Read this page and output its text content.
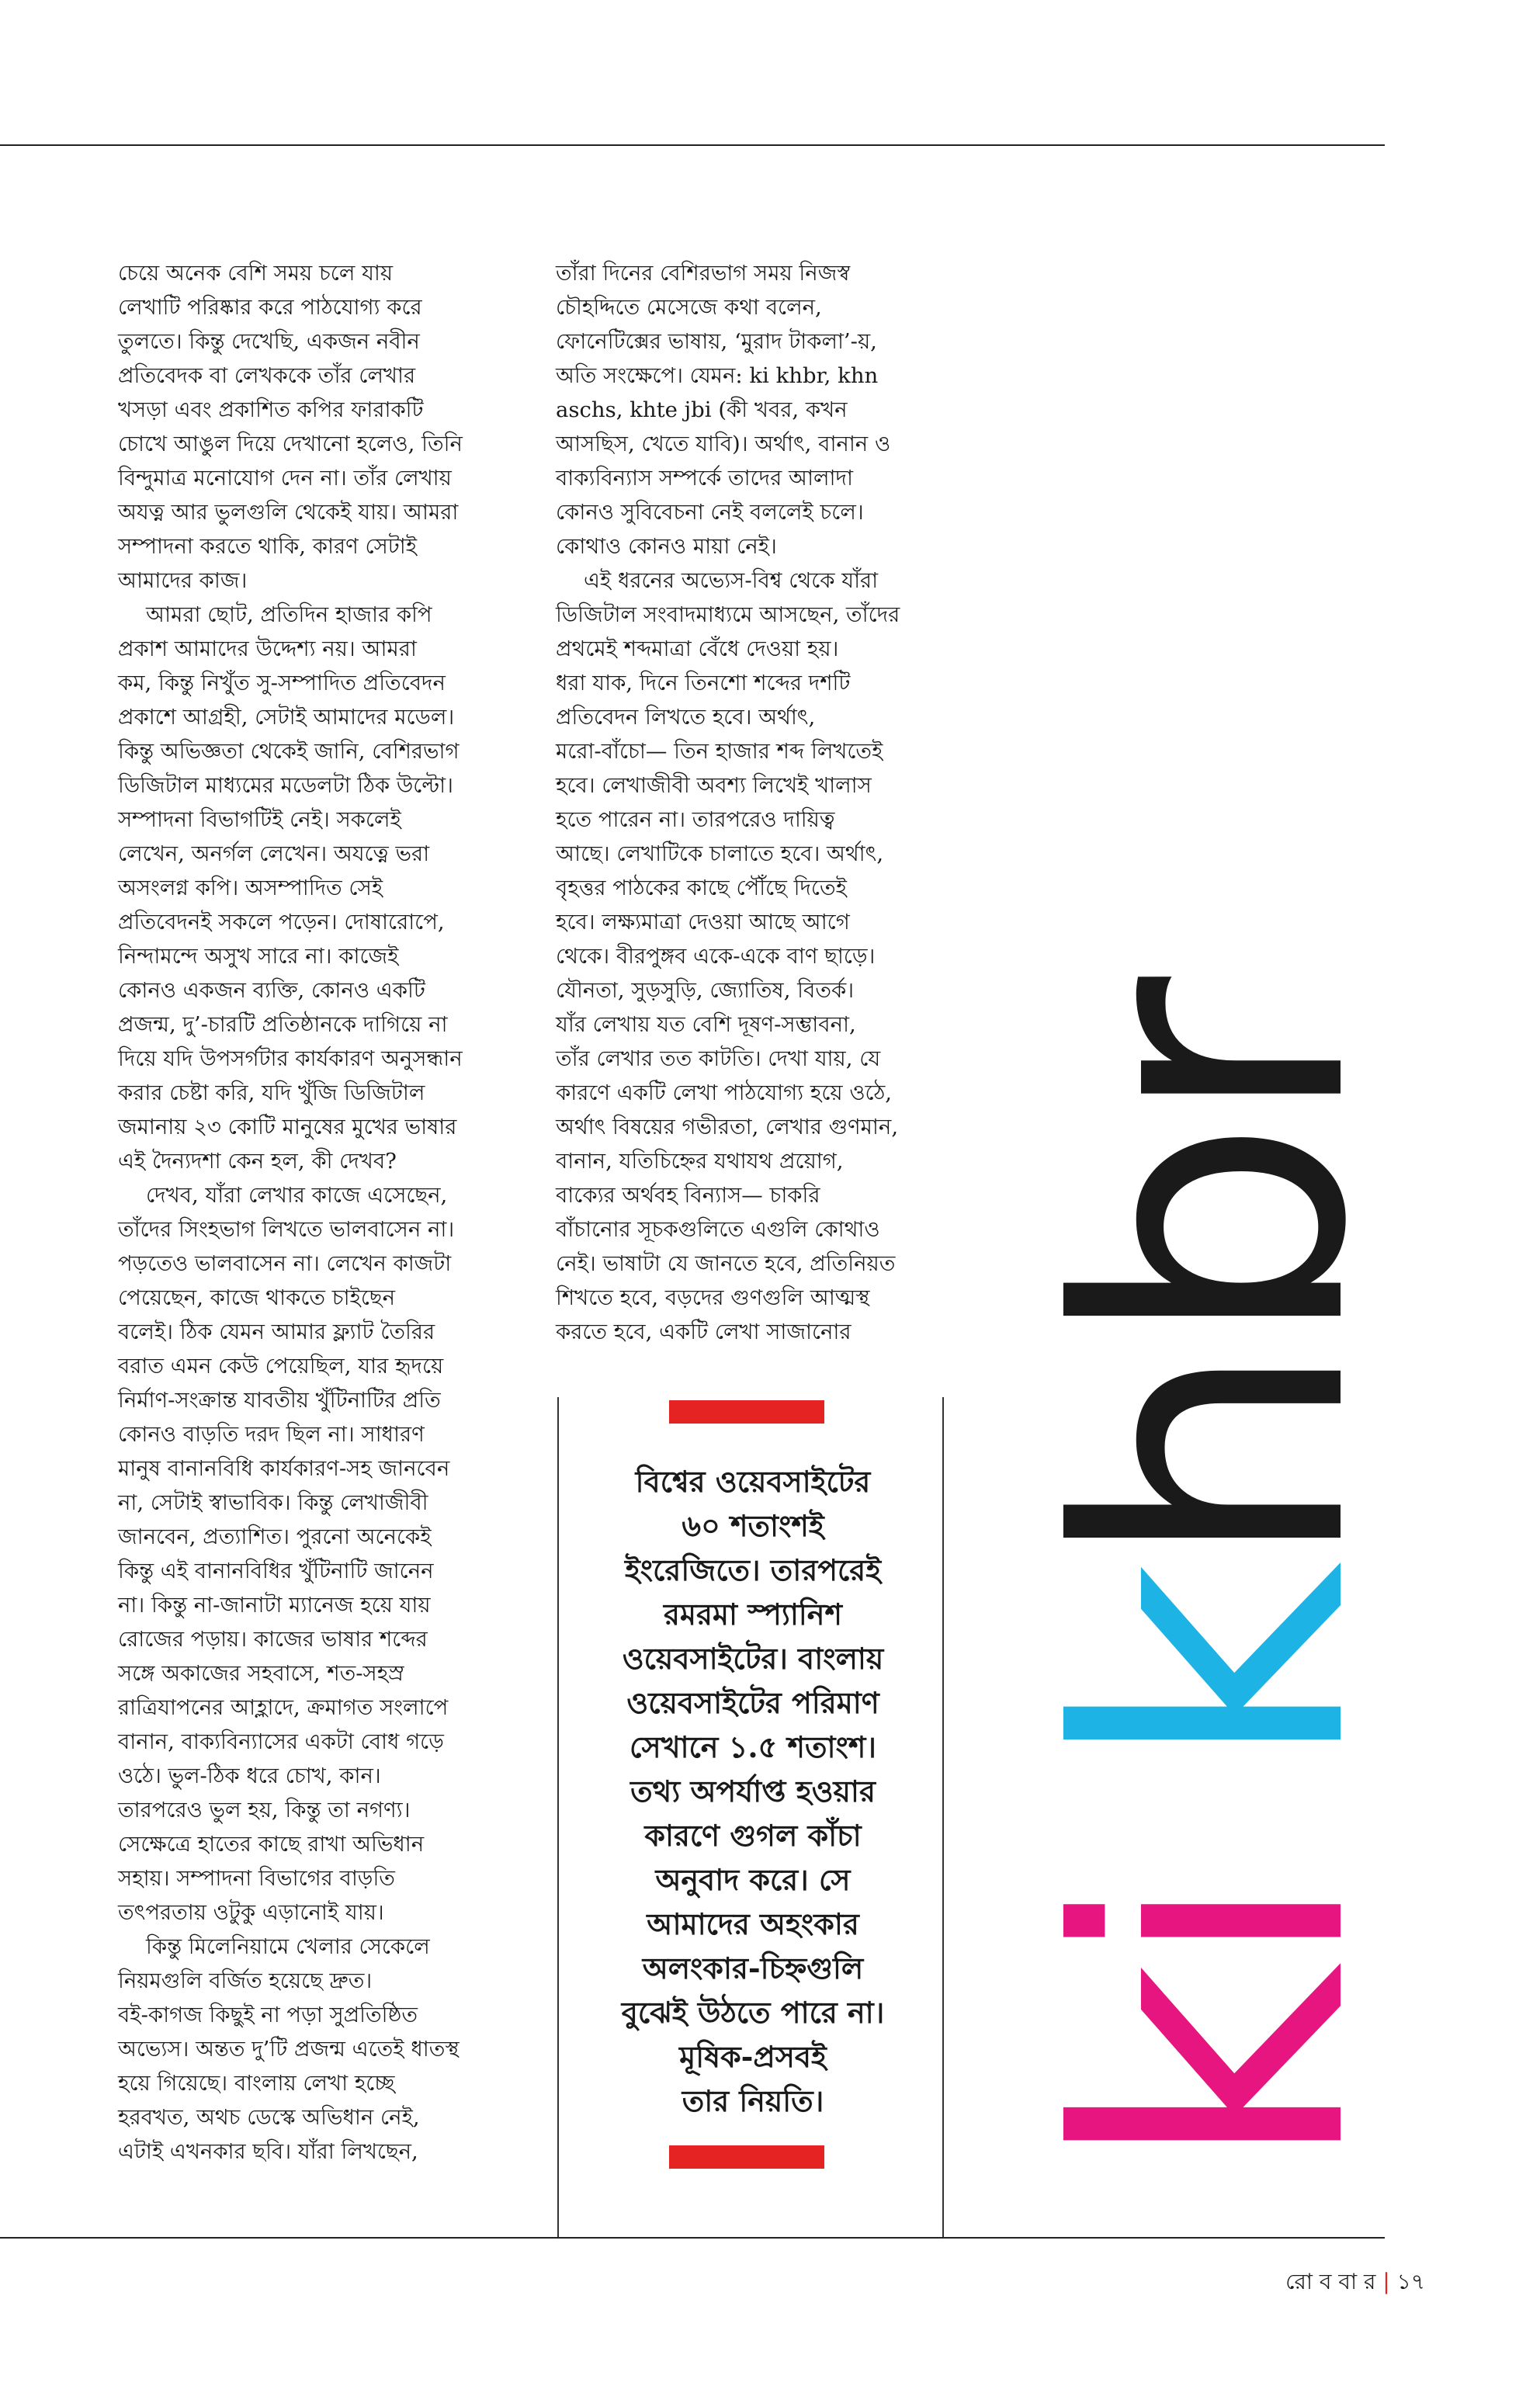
চেয়ে অনেক বেশি সময় চলে যায়
লেখাটি পরিষ্কার করে পাঠযোগ্য করে
তুলতে। কিন্তু দেখেছি, একজন নবীন
প্রতিবেদক বা লেখককে তাঁর লেখার
খসড়া এবং প্রকাশিত কপির ফারাকটি
চোখে আঙুল দিয়ে দেখানো হলেও, তিনি
বিন্দুমাত্র মনোযোগ দেন না। তাঁর লেখায়
অযত্ন আর ভুলগুলি থেকেই যায়। আমরা
সম্পাদনা করতে থাকি, কারণ সেটাই
আমাদের কাজ।
আমরা ছোট, প্রতিদিন হাজার কপি
প্রকাশ আমাদের উদ্দেশ্য নয়। আমরা
কম, কিন্তু নিখুঁত সু-সম্পাদিত প্রতিবেদন
প্রকাশে আগ্রহী, সেটাই আমাদের মডেল।
কিন্তু অভিজ্ঞতা থেকেই জানি, বেশিরভাগ
ডিজিটাল মাধ্যমের মডেলটা ঠিক উল্টো।
সম্পাদনা বিভাগটিই নেই। সকলেই
লেখেন, অনর্গল লেখেন। অযত্নে ভরা
অসংলগ্ন কপি। অসম্পাদিত সেই
প্রতিবেদনই সকলে পড়েন। দোষারোপে,
নিন্দামন্দে অসুখ সারে না। কাজেই
কোনও একজন ব্যক্তি, কোনও একটি
প্রজন্ম, দু’-চারটি প্রতিষ্ঠানকে দাগিয়ে না
দিয়ে যদি উপসর্গটার কার্যকারণ অনুসন্ধান
করার চেষ্টা করি, যদি খুঁজি ডিজিটাল
জমানায় ২৩ কোটি মানুষের মুখের ভাষার
এই দৈন্যদশা কেন হল, কী দেখব?
দেখব, যাঁরা লেখার কাজে এসেছেন,
তাঁদের সিংহভাগ লিখতে ভালবাসেন না।
পড়তেও ভালবাসেন না। লেখেন কাজটা
পেয়েছেন, কাজে থাকতে চাইছেন
বলেই। ঠিক যেমন আমার ফ্ল্যাট তৈরির
বরাত এমন কেউ পেয়েছিল, যার হৃদয়ে
নির্মাণ-সংক্রান্ত যাবতীয় খুঁটিনাটির প্রতি
কোনও বাড়তি দরদ ছিল না। সাধারণ
মানুষ বানানবিধি কার্যকারণ-সহ জানবেন
না, সেটাই স্বাভাবিক। কিন্তু লেখাজীবী
জানবেন, প্রত্যাশিত। পুরনো অনেকেই
কিন্তু এই বানানবিধির খুঁটিনাটি জানেন
না। কিন্তু না-জানাটা ম্যানেজ হয়ে যায়
রোজের পড়ায়। কাজের ভাষার শব্দের
সঙ্গে অকাজের সহবাসে, শত-সহস্র
রাত্রিযাপনের আহ্লাদে, ক্রমাগত সংলাপে
বানান, বাক্যবিন্যাসের একটা বোধ গড়ে
ওঠে। ভুল-ঠিক ধরে চোখ, কান।
তারপরেও ভুল হয়, কিন্তু তা নগণ্য।
সেক্ষেত্রে হাতের কাছে রাখা অভিধান
সহায়। সম্পাদনা বিভাগের বাড়তি
তৎপরতায় ওটুকু এড়ানোই যায়।
কিন্তু মিলেনিয়ামে খেলার সেকেলে
নিয়মগুলি বর্জিত হয়েছে দ্রুত।
বই-কাগজ কিছুই না পড়া সুপ্রতিষ্ঠিত
অভ্যেস। অন্তত দু’টি প্রজন্ম এতেই ধাতস্থ
হয়ে গিয়েছে। বাংলায় লেখা হচ্ছে
হরবখত, অথচ ডেস্কে অভিধান নেই,
এটাই এখনকার ছবি। যাঁরা লিখছেন,
তাঁরা দিনের বেশিরভাগ সময় নিজস্ব
চৌহদ্দিতে মেসেজে কথা বলেন,
ফোনেটিক্সের ভাষায়, ‘মুরাদ টাকলা’-য়,
অতি সংক্ষেপে। যেমন: ki khbr, khn
aschs, khte jbi (কী খবর, কখন
আসছিস, খেতে যাবি)। অর্থাৎ, বানান ও
বাক্যবিন্যাস সম্পর্কে তাদের আলাদা
কোনও সুবিবেচনা নেই বললেই চলে।
কোথাও কোনও মায়া নেই।
এই ধরনের অভ্যেস-বিশ্ব থেকে যাঁরা
ডিজিটাল সংবাদমাধ্যমে আসছেন, তাঁদের
প্রথমেই শব্দমাত্রা বেঁধে দেওয়া হয়।
ধরা যাক, দিনে তিনশো শব্দের দশটি
প্রতিবেদন লিখতে হবে। অর্থাৎ,
মরো-বাঁচো— তিন হাজার শব্দ লিখতেই
হবে। লেখাজীবী অবশ্য লিখেই খালাস
হতে পারেন না। তারপরেও দায়িত্ব
আছে। লেখাটিকে চালাতে হবে। অর্থাৎ,
বৃহত্তর পাঠকের কাছে পৌঁছে দিতেই
হবে। লক্ষ্যমাত্রা দেওয়া আছে আগে
থেকে। বীরপুঙ্গব একে-একে বাণ ছাড়ে।
যৌনতা, সুড়সুড়ি, জ্যোতিষ, বিতর্ক।
যাঁর লেখায় যত বেশি দূষণ-সম্ভাবনা,
তাঁর লেখার তত কাটতি। দেখা যায়, যে
কারণে একটি লেখা পাঠযোগ্য হয়ে ওঠে,
অর্থাৎ বিষয়ের গভীরতা, লেখার গুণমান,
বানান, যতিচিহ্নের যথাযথ প্রয়োগ,
বাক্যের অর্থবহ বিন্যাস— চাকরি
বাঁচানোর সূচকগুলিতে এগুলি কোথাও
নেই। ভাষাটা যে জানতে হবে, প্রতিনিয়ত
শিখতে হবে, বড়দের গুণগুলি আত্মস্থ
করতে হবে, একটি লেখা সাজানোর
বিশ্বের ওয়েবসাইটের
৬০ শতাংশই
ইংরেজিতে। তারপরেই
রমরমা স্প্যানিশ
ওয়েবসাইটের। বাংলায়
ওয়েবসাইটের পরিমাণ
সেখানে ১.৫ শতাংশ।
তথ্য অপর্যাপ্ত হওয়ার
কারণে গুগল কাঁচা
অনুবাদ করে। সে
আমাদের অহংকার
অলংকার-চিহ্নগুলি
বুঝেই উঠতে পারে না।
মূষিক-প্রসবই
তার নিয়তি। ki khbr
রো ব বা র | ১৭
